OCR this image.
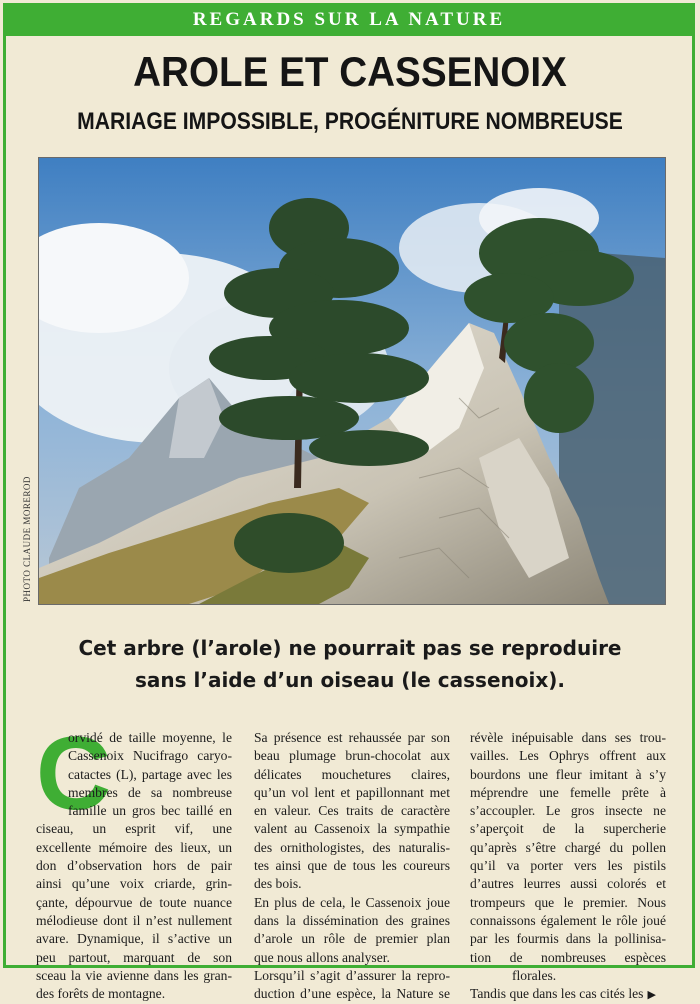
REGARDS SUR LA NATURE
AROLE ET CASSENOIX
MARIAGE IMPOSSIBLE, PROGÉNITURE NOMBREUSE
PHOTO CLAUDE MOREROD
Cet arbre (l’arole) ne pourrait pas se reproduire
sans l’aide d’un oiseau (le cassenoix).
C
orvidé de taille moyenne, le
Cassenoix Nucifrago caryo-
catactes (L), partage avec les
membres de sa nombreuse
famille un gros bec taillé en
ciseau, un esprit vif, une
excellente mémoire des lieux, un
don d’observation hors de pair
ainsi qu’une voix criarde, grin-
çante, dépourvue de toute nuance
mélodieuse dont il n’est nullement
avare. Dynamique, il s’active un
peu partout, marquant de son
sceau la vie avienne dans les gran-
des forêts de montagne.
Sa présence est rehaussée par son
beau plumage brun-chocolat aux
délicates mouchetures claires,
qu’un vol lent et papillonnant met
en valeur. Ces traits de caractère
valent au Cassenoix la sympathie
des ornithologistes, des naturalis-
tes ainsi que de tous les coureurs
des bois.
En plus de cela, le Cassenoix joue
dans la dissémination des graines
d’arole un rôle de premier plan
que nous allons analyser.
Lorsqu’il s’agit d’assurer la repro-
duction d’une espèce, la Nature se
révèle inépuisable dans ses trou-
vailles. Les Ophrys offrent aux
bourdons une fleur imitant à s’y
méprendre une femelle prête à
s’accoupler. Le gros insecte ne
s’aperçoit de la supercherie
qu’après s’être chargé du pollen
qu’il va porter vers les pistils
d’autres leurres aussi colorés et
trompeurs que le premier. Nous
connaissons également le rôle joué
par les fourmis dans la pollinisa-
tion de nombreuses espèces
florales.
Tandis que dans les cas cités les ▶
